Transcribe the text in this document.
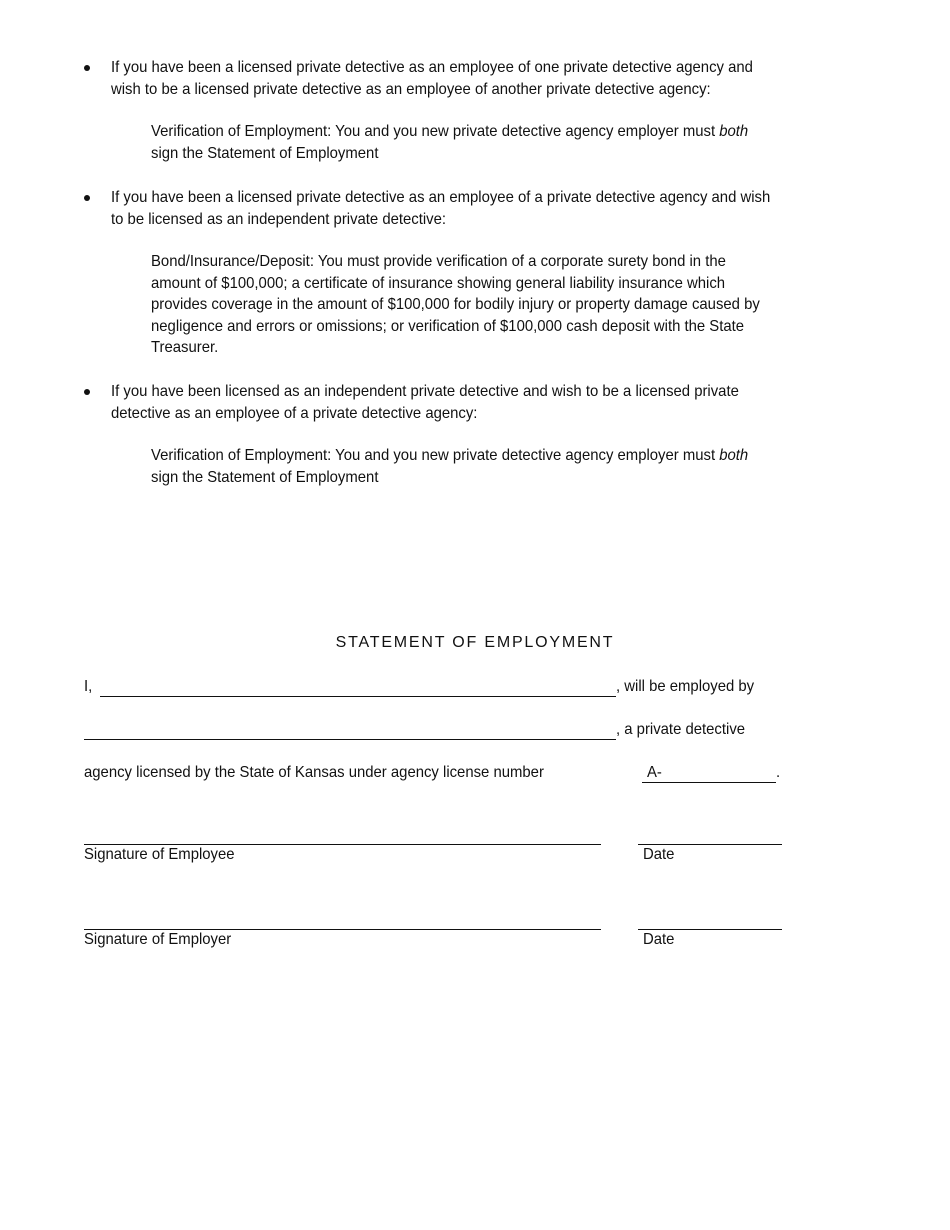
If you have been a licensed private detective as an employee of one private detective agency and
wish to be a licensed private detective as an employee of another private detective agency:
Verification of Employment: You and you new private detective agency employer must both
sign the Statement of Employment
If you have been a licensed private detective as an employee of a private detective agency and wish
to be licensed as an independent private detective:
Bond/Insurance/Deposit: You must provide verification of a corporate surety bond in the
amount of $100,000; a certificate of insurance showing general liability insurance which
provides coverage in the amount of $100,000 for bodily injury or property damage caused by
negligence and errors or omissions; or verification of $100,000 cash deposit with the State
Treasurer.
If you have been licensed as an independent private detective and wish to be a licensed private
detective as an employee of a private detective agency:
Verification of Employment: You and you new private detective agency employer must both
sign the Statement of Employment
STATEMENT OF EMPLOYMENT
I,	, will be employed by
, a private detective
agency licensed by the State of Kansas under agency license number	A-	.
Signature of Employee	Date
Signature of Employer	Date
